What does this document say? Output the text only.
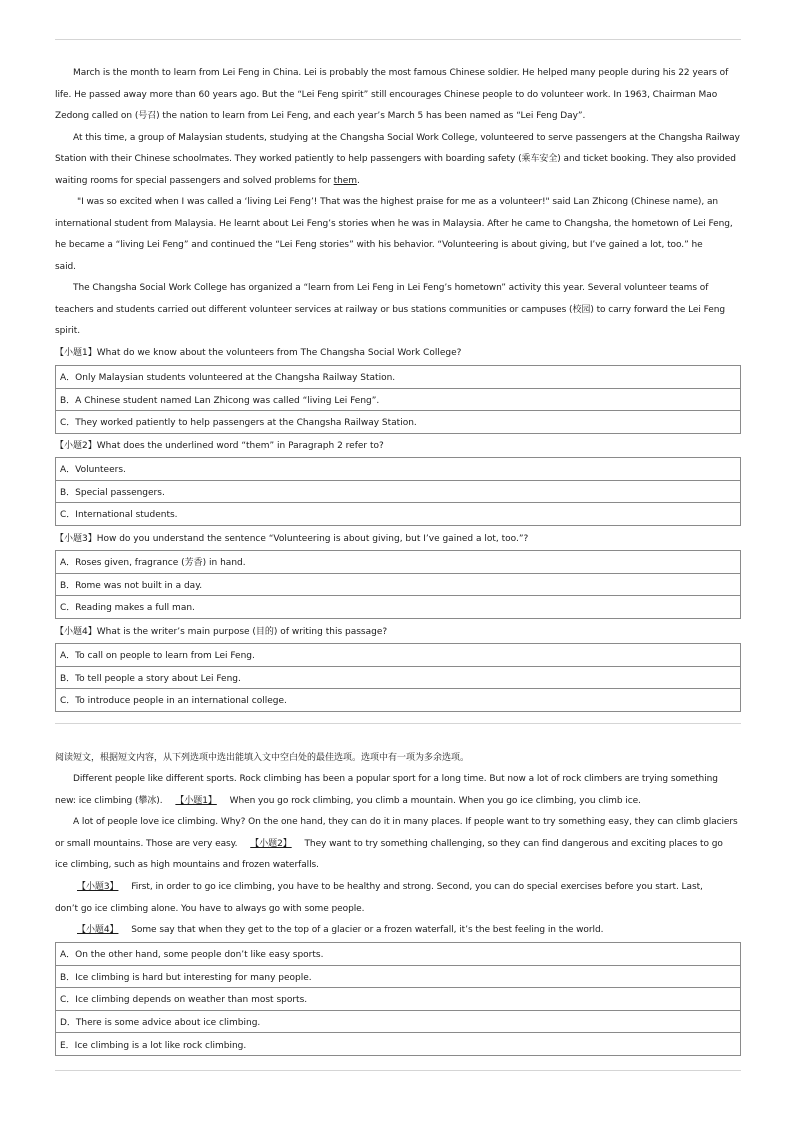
March is the month to learn from Lei Feng in China. Lei is probably the most famous Chinese soldier. He helped many people during his 22 years of
life. He passed away more than 60 years ago. But the “Lei Feng spirit” still encourages Chinese people to do volunteer work. In 1963, Chairman Mao
Zedong called on (号召) the nation to learn from Lei Feng, and each year’s March 5 has been named as “Lei Feng Day”.
At this time, a group of Malaysian students, studying at the Changsha Social Work College, volunteered to serve passengers at the Changsha Railway
Station with their Chinese schoolmates. They worked patiently to help passengers with boarding safety (乘车安全) and ticket booking. They also provided
waiting rooms for special passengers and solved problems for them.
"I was so excited when I was called a ‘living Lei Feng’! That was the highest praise for me as a volunteer!" said Lan Zhicong (Chinese name), an
international student from Malaysia. He learnt about Lei Feng’s stories when he was in Malaysia. After he came to Changsha, the hometown of Lei Feng,
he became a “living Lei Feng” and continued the “Lei Feng stories” with his behavior. “Volunteering is about giving, but I’ve gained a lot, too.” he
said.
The Changsha Social Work College has organized a “learn from Lei Feng in Lei Feng’s hometown” activity this year. Several volunteer teams of
teachers and students carried out different volunteer services at railway or bus stations communities or campuses (校园) to carry forward the Lei Feng
spirit.
【小题1】What do we know about the volunteers from The Changsha Social Work College?
A．Only Malaysian students volunteered at the Changsha Railway Station.
B．A Chinese student named Lan Zhicong was called “living Lei Feng”.
C．They worked patiently to help passengers at the Changsha Railway Station.
【小题2】What does the underlined word “them” in Paragraph 2 refer to?
A．Volunteers.
B．Special passengers.
C．International students.
【小题3】How do you understand the sentence “Volunteering is about giving, but I’ve gained a lot, too.”?
A．Roses given, fragrance (芳香) in hand.
B．Rome was not built in a day.
C．Reading makes a full man.
【小题4】What is the writer’s main purpose (目的) of writing this passage?
A．To call on people to learn from Lei Feng.
B．To tell people a story about Lei Feng.
C．To introduce people in an international college.
阅读短文，根据短文内容，从下列选项中选出能填入文中空白处的最佳选项。选项中有一项为多余选项。
Different people like different sports. Rock climbing has been a popular sport for a long time. But now a lot of rock climbers are trying something
new: ice climbing (攀冰). 【小题1】 When you go rock climbing, you climb a mountain. When you go ice climbing, you climb ice.
A lot of people love ice climbing. Why? On the one hand, they can do it in many places. If people want to try something easy, they can climb glaciers
or small mountains. Those are very easy. 【小题2】 They want to try something challenging, so they can find dangerous and exciting places to go
ice climbing, such as high mountains and frozen waterfalls.
【小题3】 First, in order to go ice climbing, you have to be healthy and strong. Second, you can do special exercises before you start. Last,
don’t go ice climbing alone. You have to always go with some people.
【小题4】 Some say that when they get to the top of a glacier or a frozen waterfall, it’s the best feeling in the world.
A．On the other hand, some people don’t like easy sports.
B．Ice climbing is hard but interesting for many people.
C．Ice climbing depends on weather than most sports.
D．There is some advice about ice climbing.
E．Ice climbing is a lot like rock climbing.
